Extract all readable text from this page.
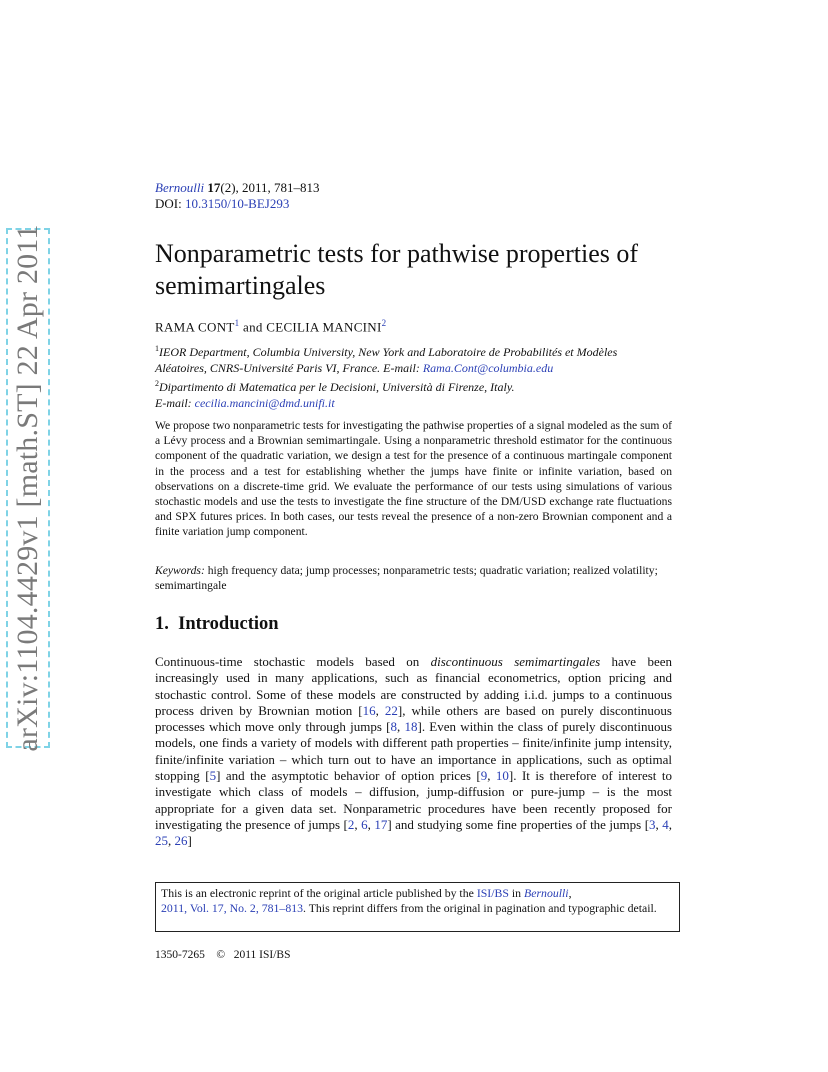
arXiv:1104.4429v1 [math.ST] 22 Apr 2011
Bernoulli 17(2), 2011, 781–813
DOI: 10.3150/10-BEJ293
Nonparametric tests for pathwise properties of semimartingales
RAMA CONT$^1$ and CECILIA MANCINI$^2$
$^1$IEOR Department, Columbia University, New York and Laboratoire de Probabilités et Modèles
Aléatoires, CNRS-Université Paris VI, France. E-mail: Rama.Cont@columbia.edu
$^2$Dipartimento di Matematica per le Decisioni, Università di Firenze, Italy.
E-mail: cecilia.mancini@dmd.unifi.it

We propose two nonparametric tests for investigating the pathwise properties of a signal modeled as the sum of a Lévy process and a Brownian semimartingale. Using a nonparametric threshold estimator for the continuous component of the quadratic variation, we design a test for the presence of a continuous martingale component in the process and a test for establishing whether the jumps have finite or infinite variation, based on observations on a discrete-time grid. We evaluate the performance of our tests using simulations of various stochastic models and use the tests to investigate the fine structure of the DM/USD exchange rate fluctuations and SPX futures prices. In both cases, our tests reveal the presence of a non-zero Brownian component and a finite variation jump component.

Keywords: high frequency data; jump processes; nonparametric tests; quadratic variation; realized volatility; semimartingale

1. Introduction

Continuous-time stochastic models based on discontinuous semimartingales have been increasingly used in many applications, such as financial econometrics, option pricing and stochastic control. Some of these models are constructed by adding i.i.d. jumps to a continuous process driven by Brownian motion [16, 22], while others are based on purely discontinuous processes which move only through jumps [8, 18]. Even within the class of purely discontinuous models, one finds a variety of models with different path properties – finite/infinite jump intensity, finite/infinite variation – which turn out to have an importance in applications, such as optimal stopping [5] and the asymptotic behavior of option prices [9, 10]. It is therefore of interest to investigate which class of models – diffusion, jump-diffusion or pure-jump – is the most appropriate for a given data set. Nonparametric procedures have been recently proposed for investigating the presence of jumps [2, 6, 17] and studying some fine properties of the jumps [3, 4, 25, 26]

This is an electronic reprint of the original article published by the ISI/BS in Bernoulli,
2011, Vol. 17, No. 2, 781–813. This reprint differs from the original in pagination and typographic detail.
1350-7265 © 2011 ISI/BS
